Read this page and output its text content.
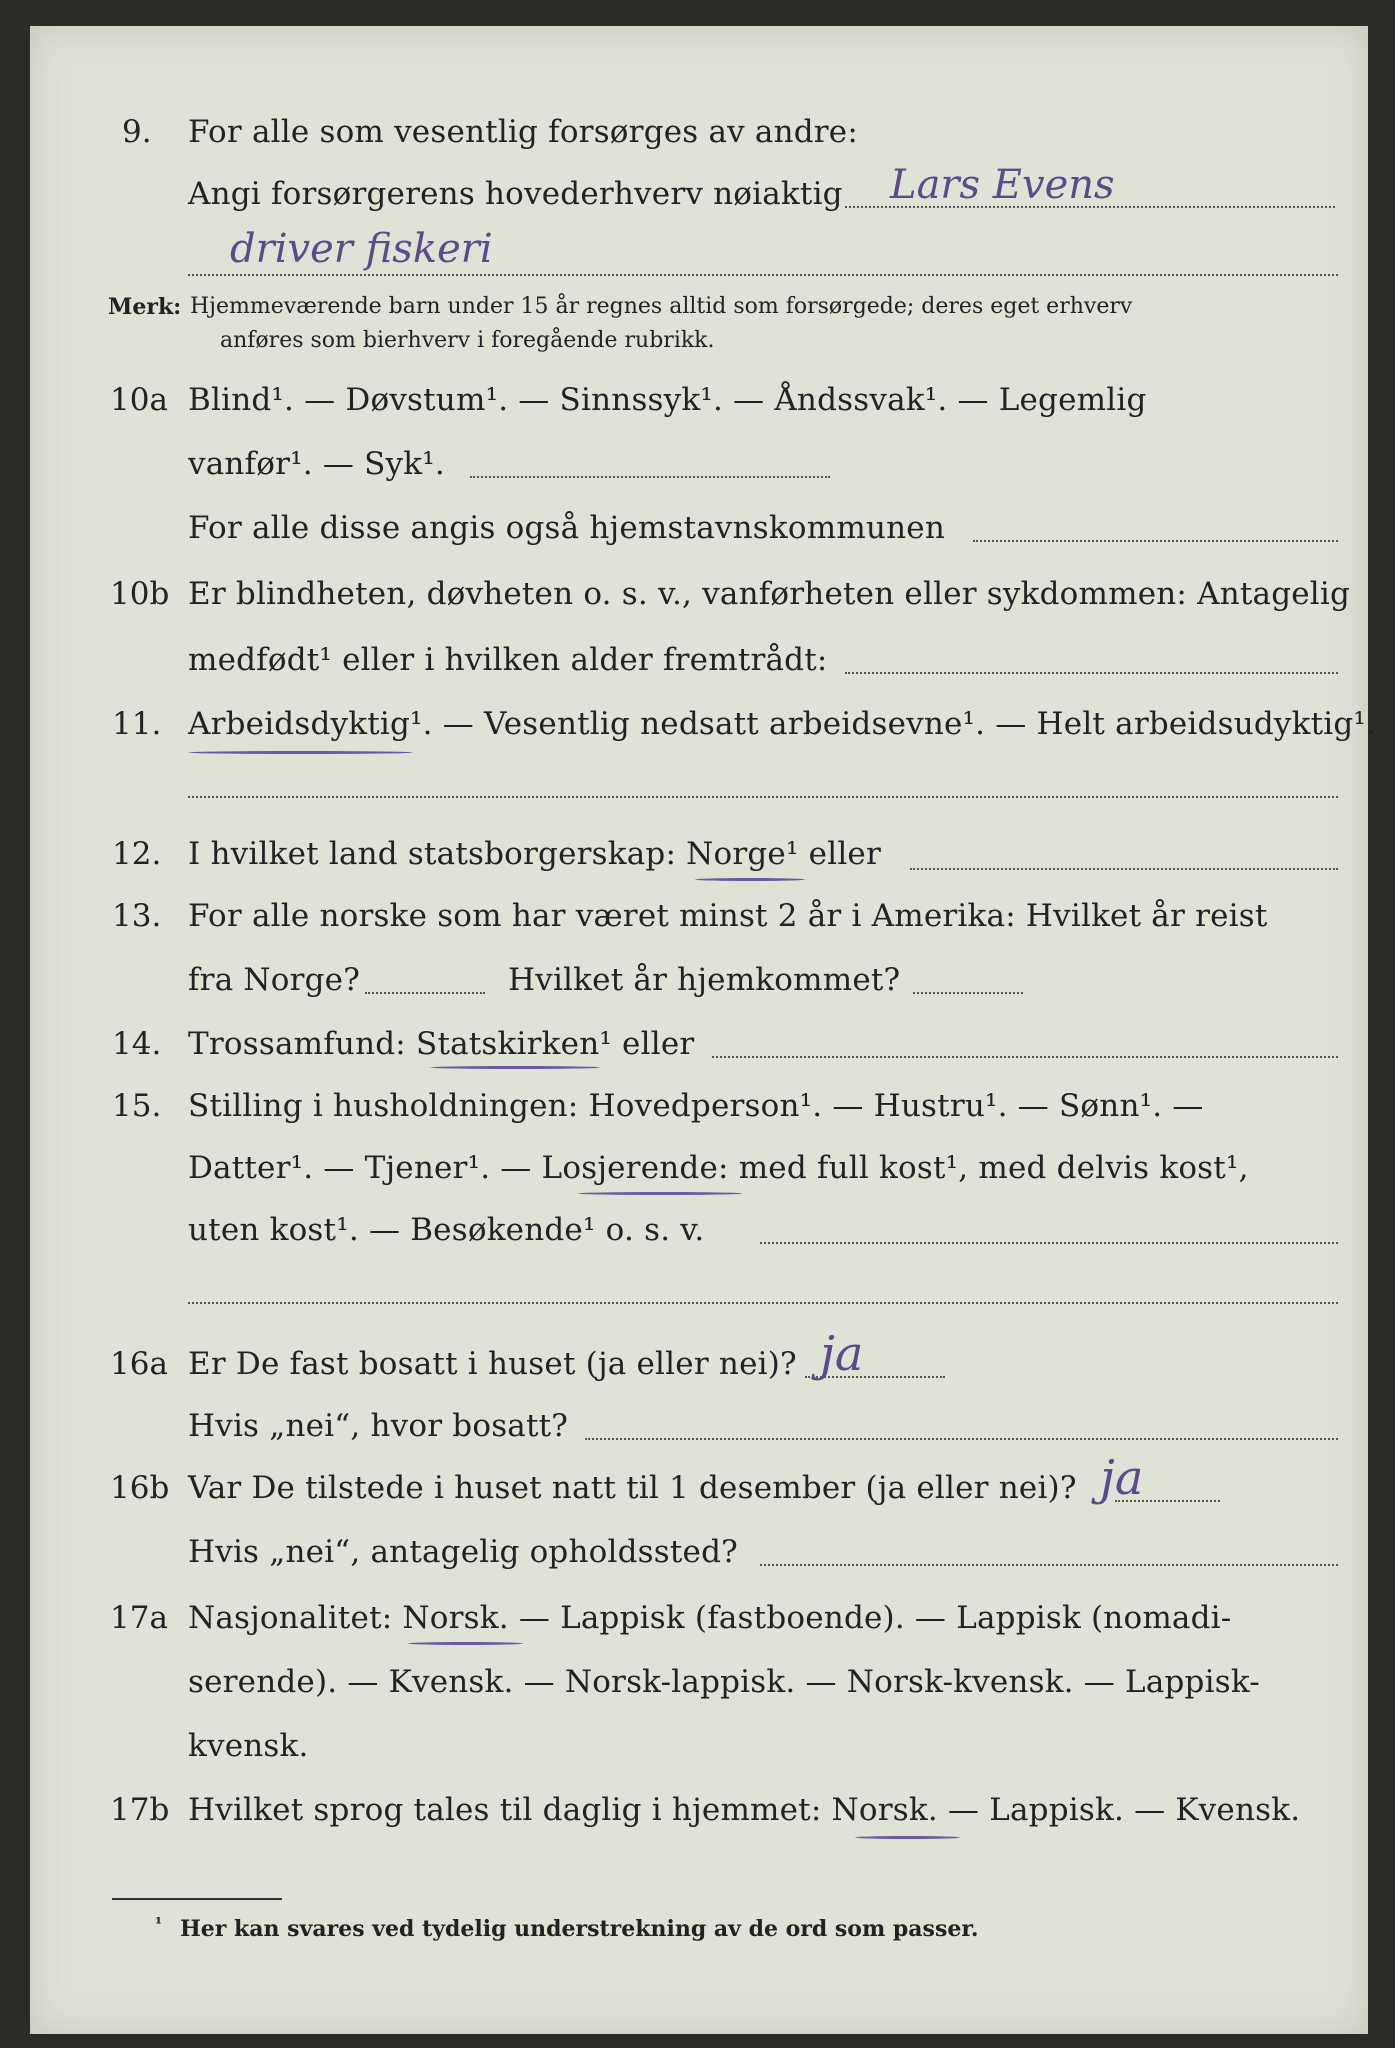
9. For alle som vesentlig forsørges av andre:
Angi forsørgerens hovederhverv nøiaktig Lars Evens
driver fiskeri
Merk: Hjemmeværende barn under 15 år regnes alltid som forsørgede; deres eget erhverv
anføres som bierhverv i foregående rubrikk.
10a Blind¹. — Døvstum¹. — Sinnssyk¹. — Åndssvak¹. — Legemlig
vanfør¹. — Syk¹.
For alle disse angis også hjemstavnskommunen
10b Er blindheten, døvheten o. s. v., vanførheten eller sykdommen: Antagelig
medfødt¹ eller i hvilken alder fremtrådt:
11. Arbeidsdyktig¹. — Vesentlig nedsatt arbeidsevne¹. — Helt arbeidsudyktig¹.
12. I hvilket land statsborgerskap: Norge¹ eller
13. For alle norske som har været minst 2 år i Amerika: Hvilket år reist
fra Norge?	Hvilket år hjemkommet?
14. Trossamfund: Statskirken¹ eller
15. Stilling i husholdningen: Hovedperson¹. — Hustru¹. — Sønn¹. —
Datter¹. — Tjener¹. — Losjerende: med full kost¹, med delvis kost¹,
uten kost¹. — Besøkende¹ o. s. v.
16a Er De fast bosatt i huset (ja eller nei)? ja
Hvis „nei“, hvor bosatt?
16b Var De tilstede i huset natt til 1 desember (ja eller nei)? ja
Hvis „nei“, antagelig opholdssted?
17a Nasjonalitet: Norsk. — Lappisk (fastboende). — Lappisk (nomadi-
serende). — Kvensk. — Norsk-lappisk. — Norsk-kvensk. — Lappisk-
kvensk.
17b Hvilket sprog tales til daglig i hjemmet: Norsk. — Lappisk. — Kvensk.
¹ Her kan svares ved tydelig understrekning av de ord som passer.
